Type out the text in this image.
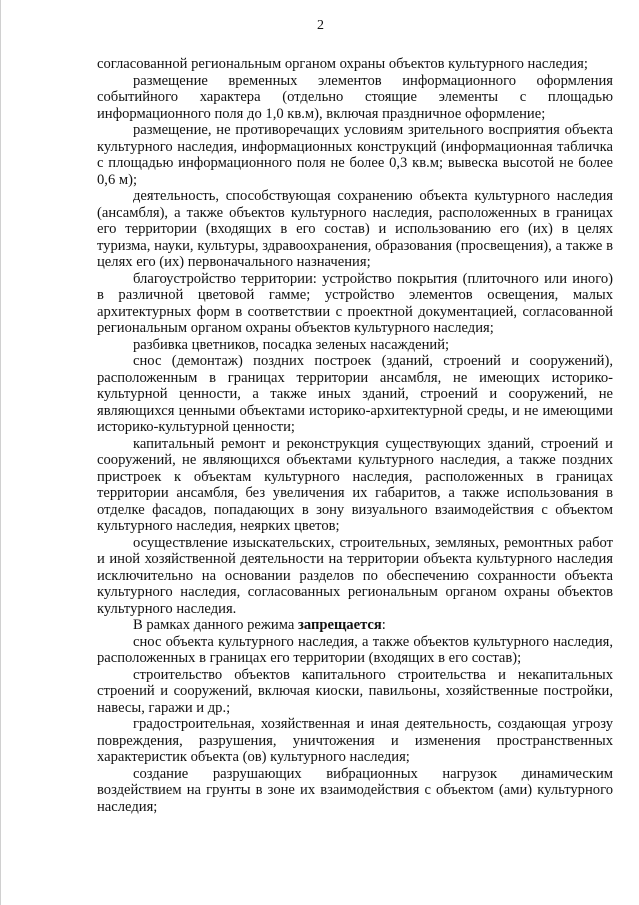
2

согласованной региональным органом охраны объектов культурного наследия;

размещение временных элементов информационного оформления событийного характера (отдельно стоящие элементы с площадью информационного поля до 1,0 кв.м), включая праздничное оформление;

размещение, не противоречащих условиям зрительного восприятия объекта культурного наследия, информационных конструкций (информационная табличка с площадью информационного поля не более 0,3 кв.м; вывеска высотой не более 0,6 м);

деятельность, способствующая сохранению объекта культурного наследия (ансамбля), а также объектов культурного наследия, расположенных в границах его территории (входящих в его состав) и использованию его (их) в целях туризма, науки, культуры, здравоохранения, образования (просвещения), а также в целях его (их) первоначального назначения;

благоустройство территории: устройство покрытия (плиточного или иного) в различной цветовой гамме; устройство элементов освещения, малых архитектурных форм в соответствии с проектной документацией, согласованной региональным органом охраны объектов культурного наследия;

разбивка цветников, посадка зеленых насаждений;

снос (демонтаж) поздних построек (зданий, строений и сооружений), расположенным в границах территории ансамбля, не имеющих историко-культурной ценности, а также иных зданий, строений и сооружений, не являющихся ценными объектами историко-архитектурной среды, и не имеющими историко-культурной ценности;

капитальный ремонт и реконструкция существующих зданий, строений и сооружений, не являющихся объектами культурного наследия, а также поздних пристроек к объектам культурного наследия, расположенных в границах территории ансамбля, без увеличения их габаритов, а также использования в отделке фасадов, попадающих в зону визуального взаимодействия с объектом культурного наследия, неярких цветов;

осуществление изыскательских, строительных, земляных, ремонтных работ и иной хозяйственной деятельности на территории объекта культурного наследия исключительно на основании разделов по обеспечению сохранности объекта культурного наследия, согласованных региональным органом охраны объектов культурного наследия.

В рамках данного режима запрещается:

снос объекта культурного наследия, а также объектов культурного наследия, расположенных в границах его территории (входящих в его состав);

строительство объектов капитального строительства и некапитальных строений и сооружений, включая киоски, павильоны, хозяйственные постройки, навесы, гаражи и др.;

градостроительная, хозяйственная и иная деятельность, создающая угрозу повреждения, разрушения, уничтожения и изменения пространственных характеристик объекта (ов) культурного наследия;

создание разрушающих вибрационных нагрузок динамическим воздействием на грунты в зоне их взаимодействия с объектом (ами) культурного наследия;
